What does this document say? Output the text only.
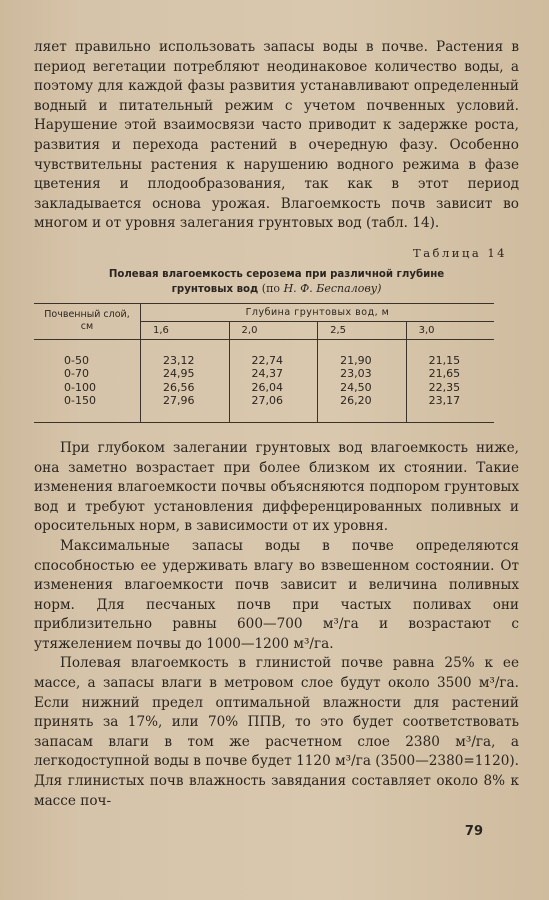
ляет правильно использовать запасы воды в почве. Растения в период вегетации потребляют неодинаковое количество воды, а поэтому для каждой фазы развития устанавливают определенный водный и питательный режим с учетом почвенных условий. Нарушение этой взаимосвязи часто приводит к задержке роста, развития и перехода растений в очередную фазу. Особенно чувствительны растения к нарушению водного режима в фазе цветения и плодообразования, так как в этот период закладывается основа урожая. Влагоемкость почв зависит во многом и от уровня залегания грунтовых вод (табл. 14).

Таблица 14
Полевая влагоемкость серозема при различной глубине
грунтовых вод (по Н. Ф. Беспалову)
Почвенный слой, см	Глубина грунтовых вод, м			
	1,6	2,0	2,5	3,0
0-50	23,12	22,74	21,90	21,15
0-70	24,95	24,37	23,03	21,65
0-100	26,56	26,04	24,50	22,35
0-150	27,96	27,06	26,20	23,17

При глубоком залегании грунтовых вод влагоемкость ниже, она заметно возрастает при более близком их стоянии. Такие изменения влагоемкости почвы объясняются подпором грунтовых вод и требуют установления дифференцированных поливных и оросительных норм, в зависимости от их уровня.

Максимальные запасы воды в почве определяются способностью ее удерживать влагу во взвешенном состоянии. От изменения влагоемкости почв зависит и величина поливных норм. Для песчаных почв при частых поливах они приблизительно равны 600—700 м³/га и возрастают с утяжелением почвы до 1000—1200 м³/га.

Полевая влагоемкость в глинистой почве равна 25% к ее массе, а запасы влаги в метровом слое будут около 3500 м³/га. Если нижний предел оптимальной влажности для растений принять за 17%, или 70% ППВ, то это будет соответствовать запасам влаги в том же расчетном слое 2380 м³/га, а легкодоступной воды в почве будет 1120 м³/га (3500—2380=1120). Для глинистых почв влажность завядания составляет около 8% к массе поч-

79
